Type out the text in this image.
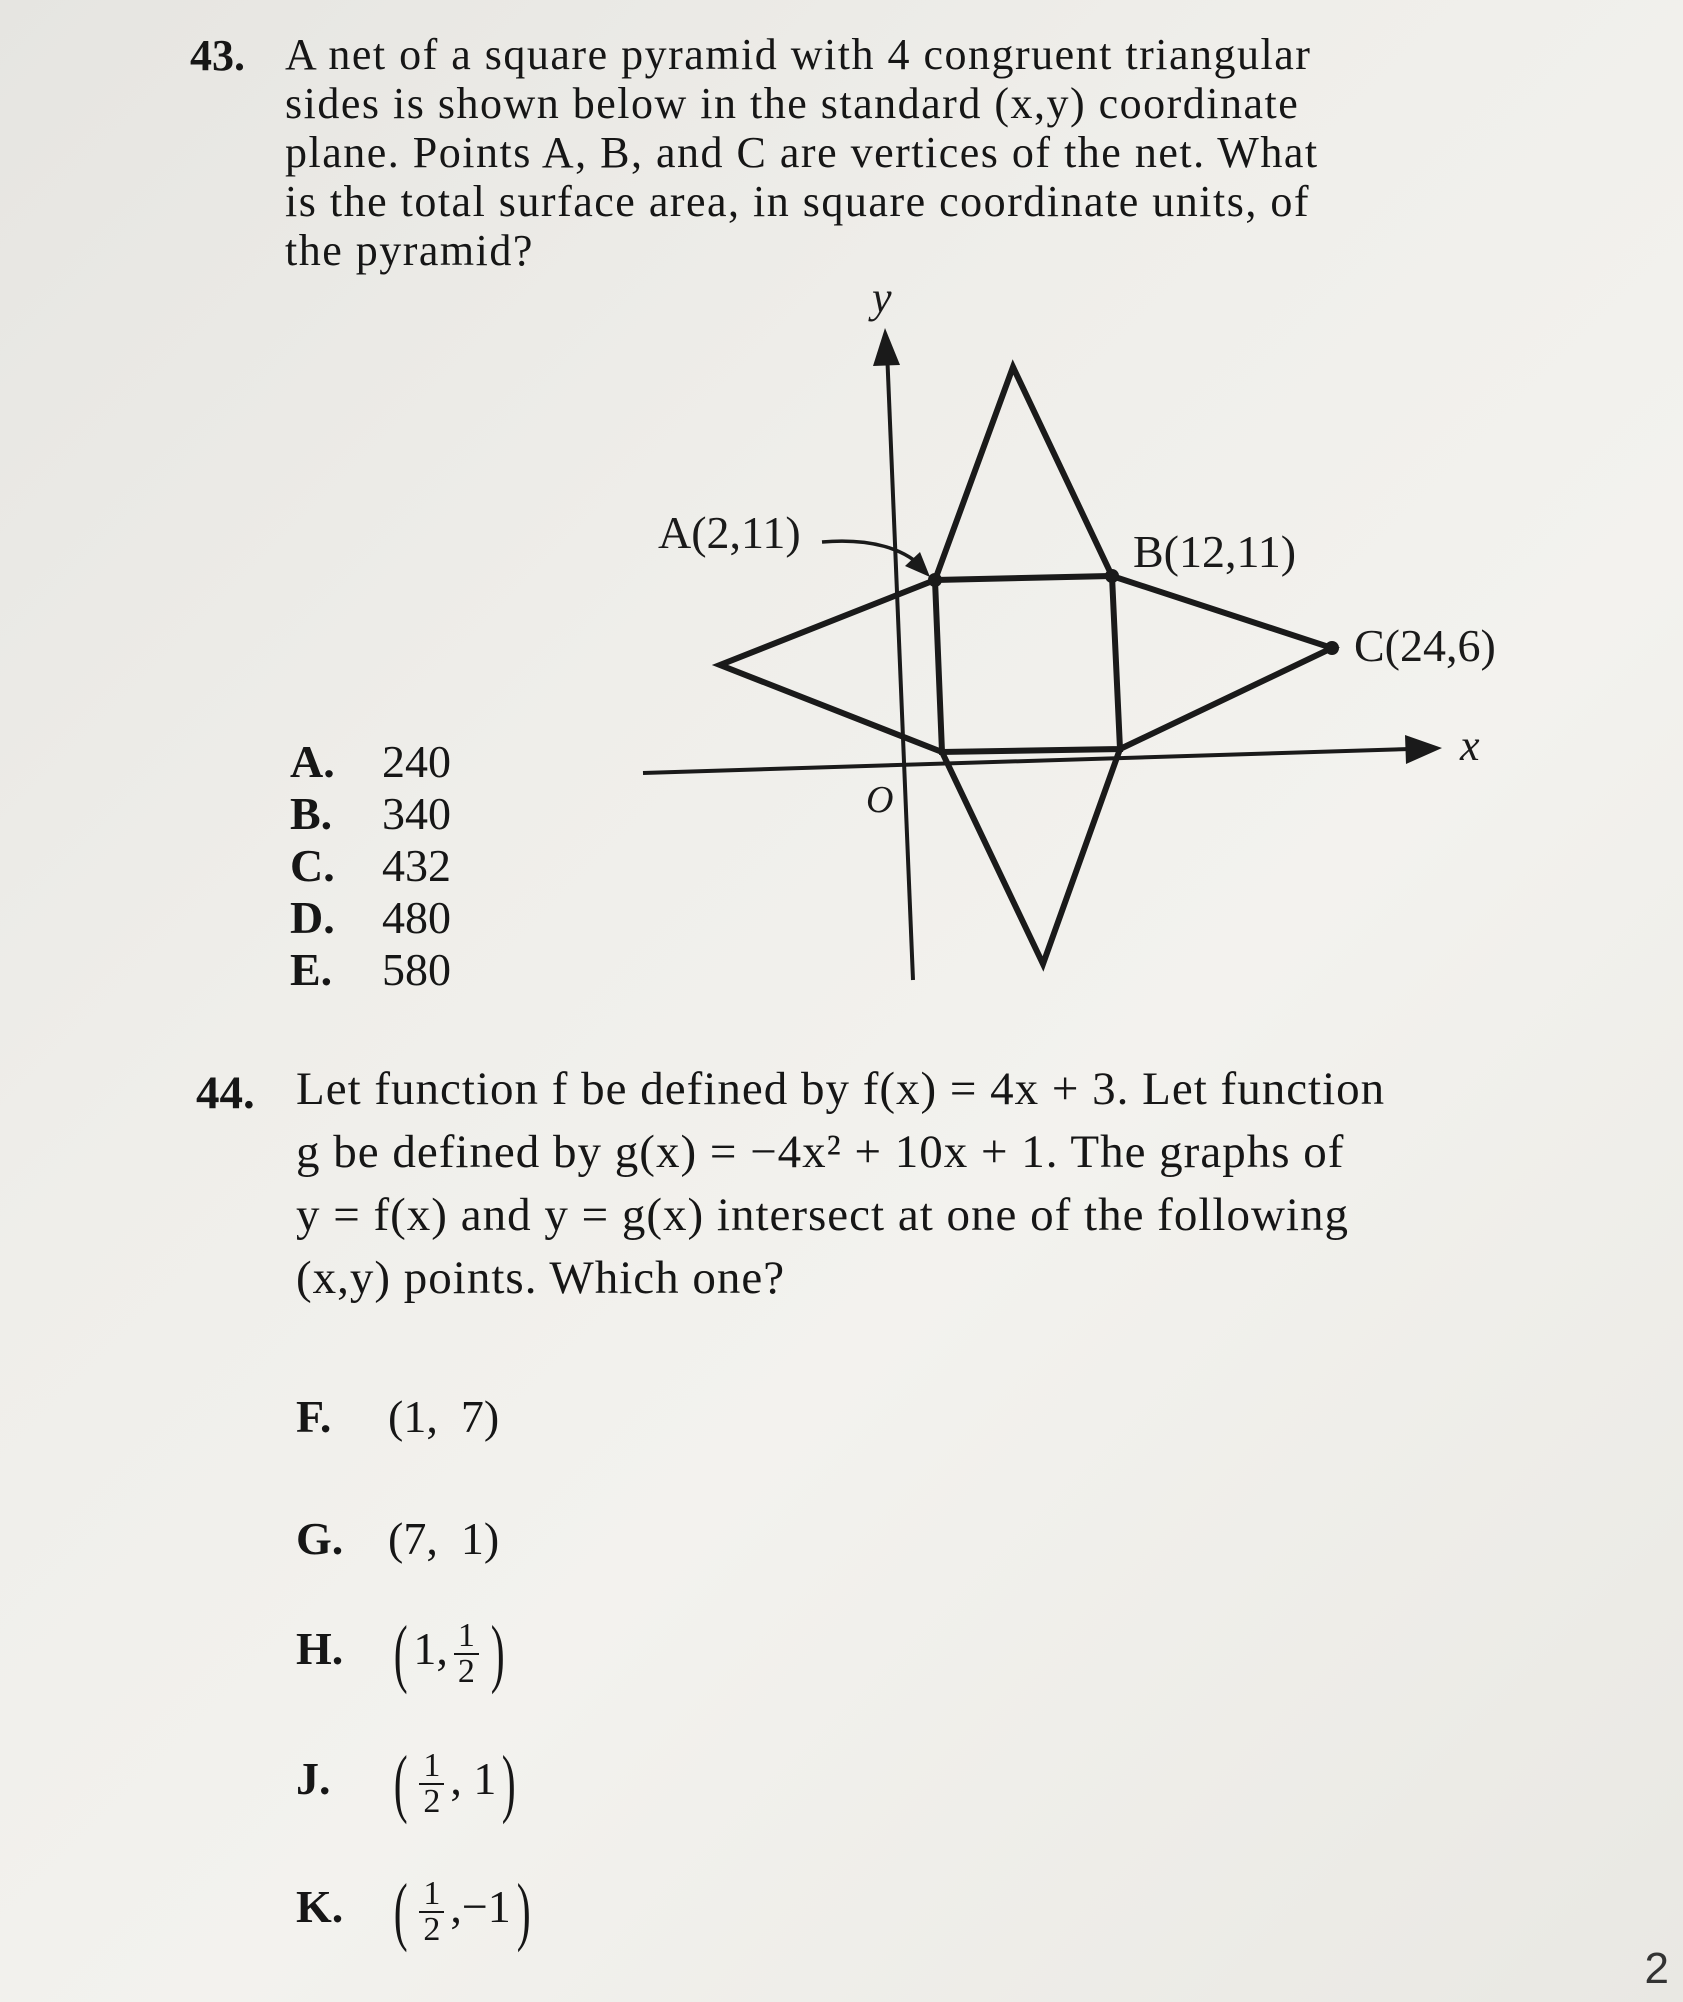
43. A net of a square pyramid with 4 congruent triangular
sides is shown below in the standard (x,y) coordinate
plane. Points A, B, and C are vertices of the net. What
is the total surface area, in square coordinate units, of
the pyramid?
y
x
O
A(2,11)	B(12,11)
C(24,6)
A. 240
B. 340
C. 432
D. 480
E. 580
44. Let function f be defined by f(x) = 4x + 3. Let function
g be defined by g(x) = −4x² + 10x + 1. The graphs of
y = f(x) and y = g(x) intersect at one of the following
(x,y) points. Which one?
F. (1,  7)
G. (7,  1)
H. ( 1, $\frac{1}{2}$ )
J. ( $\frac{1}{2}$ , 1)
K. ( $\frac{1}{2} ,-1$)
2
